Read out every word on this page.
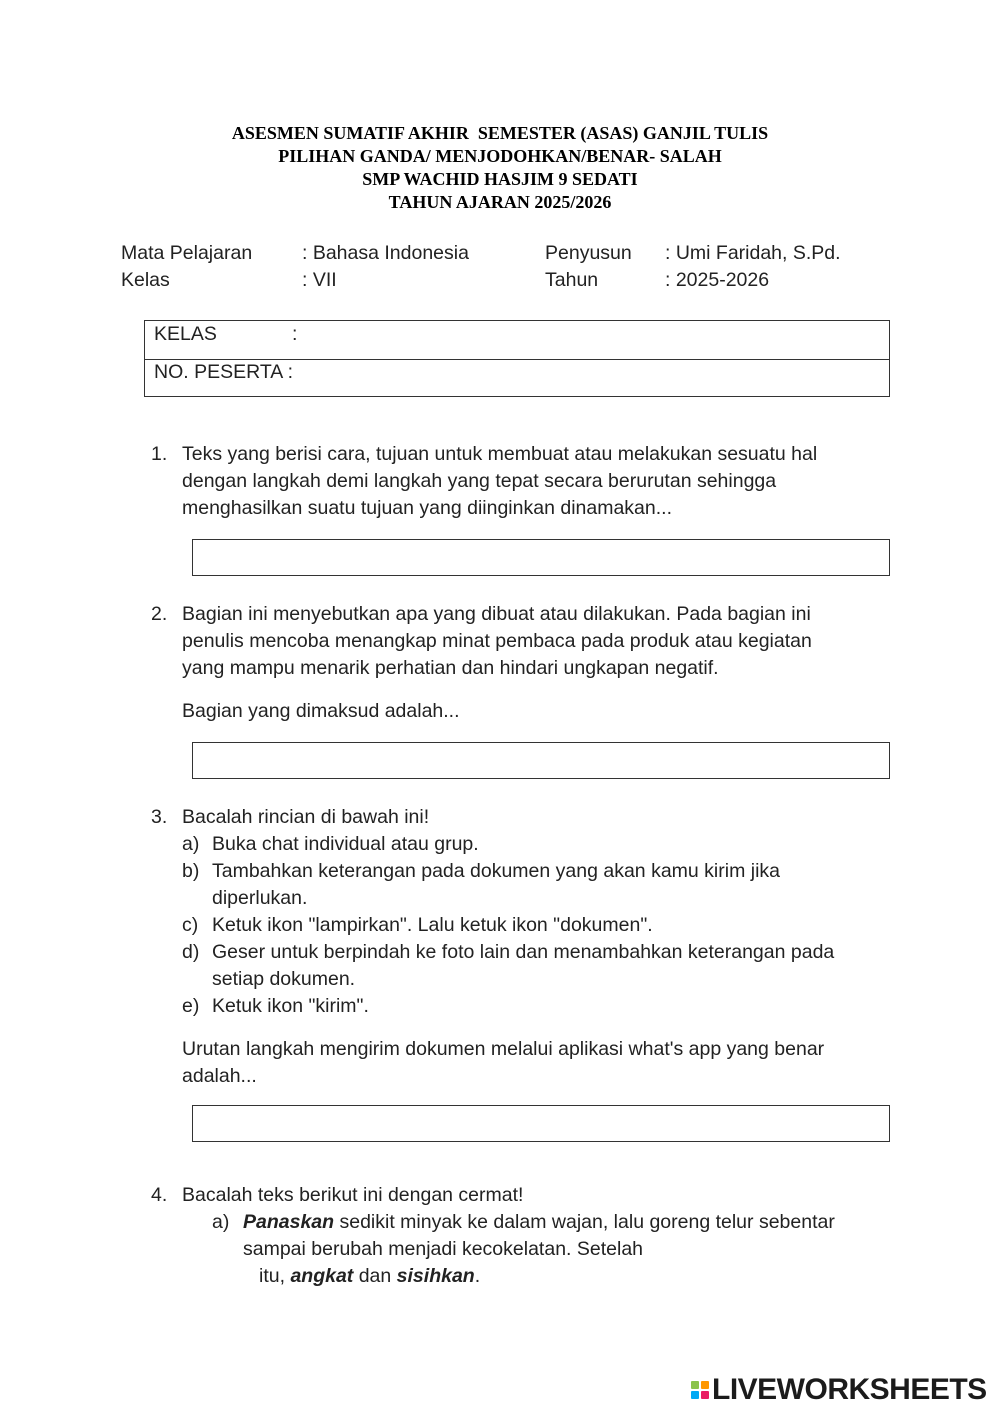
ASESMEN SUMATIF AKHIR  SEMESTER (ASAS) GANJIL TULIS
PILIHAN GANDA/ MENJODOHKAN/BENAR- SALAH
SMP WACHID HASJIM 9 SEDATI
TAHUN AJARAN 2025/2026
Mata Pelajaran
Kelas
: Bahasa Indonesia
: VII
Penyusun
Tahun
: Umi Faridah, S.Pd.
: 2025-2026
KELAS	:
NO. PESERTA :
1. Teks yang berisi cara, tujuan untuk membuat atau melakukan sesuatu hal

dengan langkah demi langkah yang tepat secara berurutan sehingga

menghasilkan suatu tujuan yang diinginkan dinamakan...

2. Bagian ini menyebutkan apa yang dibuat atau dilakukan. Pada bagian ini

penulis mencoba menangkap minat pembaca pada produk atau kegiatan

yang mampu menarik perhatian dan hindari ungkapan negatif.

Bagian yang dimaksud adalah...

3. Bacalah rincian di bawah ini!

a) Buka chat individual atau grup.

b) Tambahkan keterangan pada dokumen yang akan kamu kirim jika

diperlukan.

c) Ketuk ikon "lampirkan". Lalu ketuk ikon "dokumen".

d) Geser untuk berpindah ke foto lain dan menambahkan keterangan pada

setiap dokumen.

e) Ketuk ikon "kirim".

Urutan langkah mengirim dokumen melalui aplikasi what's app yang benar

adalah...

4. Bacalah teks berikut ini dengan cermat!

a) Panaskan sedikit minyak ke dalam wajan, lalu goreng telur sebentar
sampai berubah menjadi kecokelatan. Setelah
itu, angkat dan sisihkan.
LIVEWORKSHEETS
